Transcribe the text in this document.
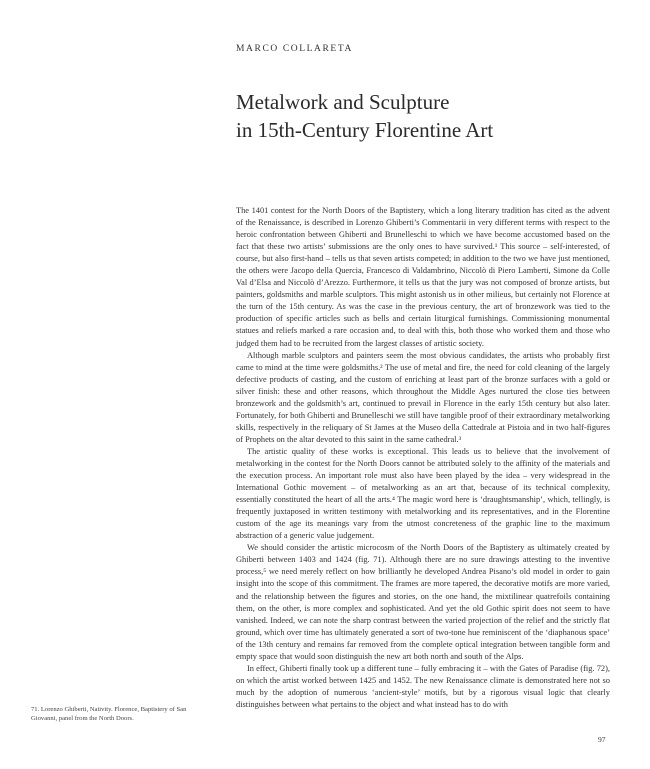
MARCO COLLARETA
Metalwork and Sculpture
in 15th-Century Florentine Art

The 1401 contest for the North Doors of the Baptistery, which a long literary tradition has cited as the advent of the Renaissance, is described in Lorenzo Ghiberti’s Commentarii in very different terms with respect to the heroic confrontation between Ghiberti and Brunelleschi to which we have become accustomed based on the fact that these two artists’ submissions are the only ones to have survived.¹ This source – self-interested, of course, but also first-hand – tells us that seven artists competed; in addition to the two we have just mentioned, the others were Jacopo della Quercia, Francesco di Valdambrino, Niccolò di Piero Lamberti, Simone da Colle Val d’Elsa and Niccolò d’Arezzo. Furthermore, it tells us that the jury was not composed of bronze artists, but painters, goldsmiths and marble sculptors. This might astonish us in other milieus, but certainly not Florence at the turn of the 15th century. As was the case in the previous century, the art of bronzework was tied to the production of specific articles such as bells and certain liturgical furnishings. Commissioning monumental statues and reliefs marked a rare occasion and, to deal with this, both those who worked them and those who judged them had to be recruited from the largest classes of artistic society.

Although marble sculptors and painters seem the most obvious candidates, the artists who probably first came to mind at the time were goldsmiths.² The use of metal and fire, the need for cold cleaning of the largely defective products of casting, and the custom of enriching at least part of the bronze surfaces with a gold or silver finish: these and other reasons, which throughout the Middle Ages nurtured the close ties between bronzework and the goldsmith’s art, continued to prevail in Florence in the early 15th century but also later. Fortunately, for both Ghiberti and Brunelleschi we still have tangible proof of their extraordinary metalworking skills, respectively in the reliquary of St James at the Museo della Cattedrale at Pistoia and in two half-figures of Prophets on the altar devoted to this saint in the same cathedral.³

The artistic quality of these works is exceptional. This leads us to believe that the involvement of metalworking in the contest for the North Doors cannot be attributed solely to the affinity of the materials and the execution process. An important role must also have been played by the idea – very widespread in the International Gothic movement – of metalworking as an art that, because of its technical complexity, essentially constituted the heart of all the arts.⁴ The magic word here is ‘draughtsmanship’, which, tellingly, is frequently juxtaposed in written testimony with metalworking and its representatives, and in the Florentine custom of the age its meanings vary from the utmost concreteness of the graphic line to the maximum abstraction of a generic value judgement.

We should consider the artistic microcosm of the North Doors of the Baptistery as ultimately created by Ghiberti between 1403 and 1424 (fig. 71). Although there are no sure drawings attesting to the inventive process,⁵ we need merely reflect on how brilliantly he developed Andrea Pisano’s old model in order to gain insight into the scope of this commitment. The frames are more tapered, the decorative motifs are more varied, and the relationship between the figures and stories, on the one hand, the mixtilinear quatrefoils containing them, on the other, is more complex and sophisticated. And yet the old Gothic spirit does not seem to have vanished. Indeed, we can note the sharp contrast between the varied projection of the relief and the strictly flat ground, which over time has ultimately generated a sort of two-tone hue reminiscent of the ‘diaphanous space’ of the 13th century and remains far removed from the complete optical integration between tangible form and empty space that would soon distinguish the new art both north and south of the Alps.

In effect, Ghiberti finally took up a different tune – fully embracing it – with the Gates of Paradise (fig. 72), on which the artist worked between 1425 and 1452. The new Renaissance climate is demonstrated here not so much by the adoption of numerous ‘ancient-style’ motifs, but by a rigorous visual logic that clearly distinguishes between what pertains to the object and what instead has to do with

71. Lorenzo Ghiberti, Nativity. Florence, Baptistery of San Giovanni, panel from the North Doors.
97
